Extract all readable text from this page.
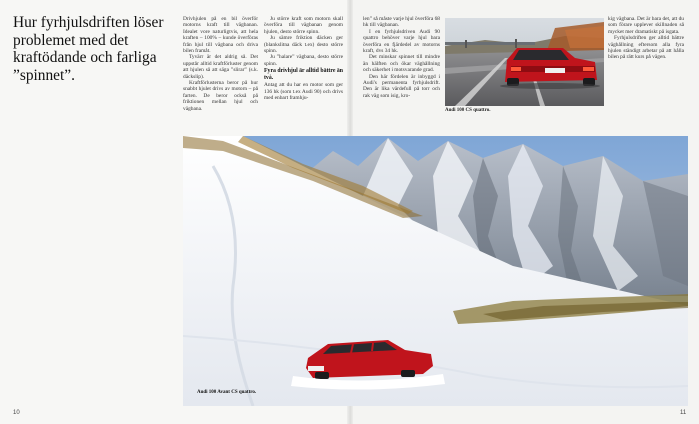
Hur fyrhjulsdriften löser problemet med det kraftödande och farliga ”spinnet”.

Drivhjulen på en bil överför motorns kraft till vägbanan. Idealet vore naturligtvis, att hela kraften – 100% – kunde överföras från hjul till vägbana och driva bilen framåt.

Tyvärr är det aldrig så. Det uppstår alltid kraftförluster genom att hjulen så att säga ”slirar” (s.k. däckslip).

Kraftförlusterna beror på hur snabbt hjulet drivs av motorn – på farten. De beror också på friktionen mellan hjul och vägbana.

Ju större kraft som motorn skall överföra till vägbanan genom hjulen, desto större spinn.

Ju sämre friktion däcken ger (blankslitna däck t.ex) desto större spinn.

Ju ”halare” vägbana, desto större spinn.

Fyra drivhjul är alltid bättre än två.

Antag att du har en motor som ger 136 hk (som t.ex Audi 90) och drivs med enbart framhju-

len” så måste varje hjul överföra 68 hk till vägbanan.

I en fyrhjulsdriven Audi 90 quattro behöver varje hjul bara överföra en fjärdedel av motorns kraft, dvs 34 hk.

Det minskar spinnet till mindre än hälften och ökar väghållning och säkerhet i motsvarande grad.

Den här fördelen är inbyggd i Audi's permanenta fyrhjulsdrift. Den är lika värdefull på torr och rak väg som isig, kro-

Audi 100 CS quattro.

kig vägbana. Det är bara det, att du som förare upplever skillnaden så mycket mer dramatiskt på isgata.

Fyrhjulsdriften ger alltid bättre väghållning eftersom alla fyra hjulen ständigt arbetar på att hålla bilen på rätt kurs på vägen.

Audi 100 Avant CS quattro.
10	11
